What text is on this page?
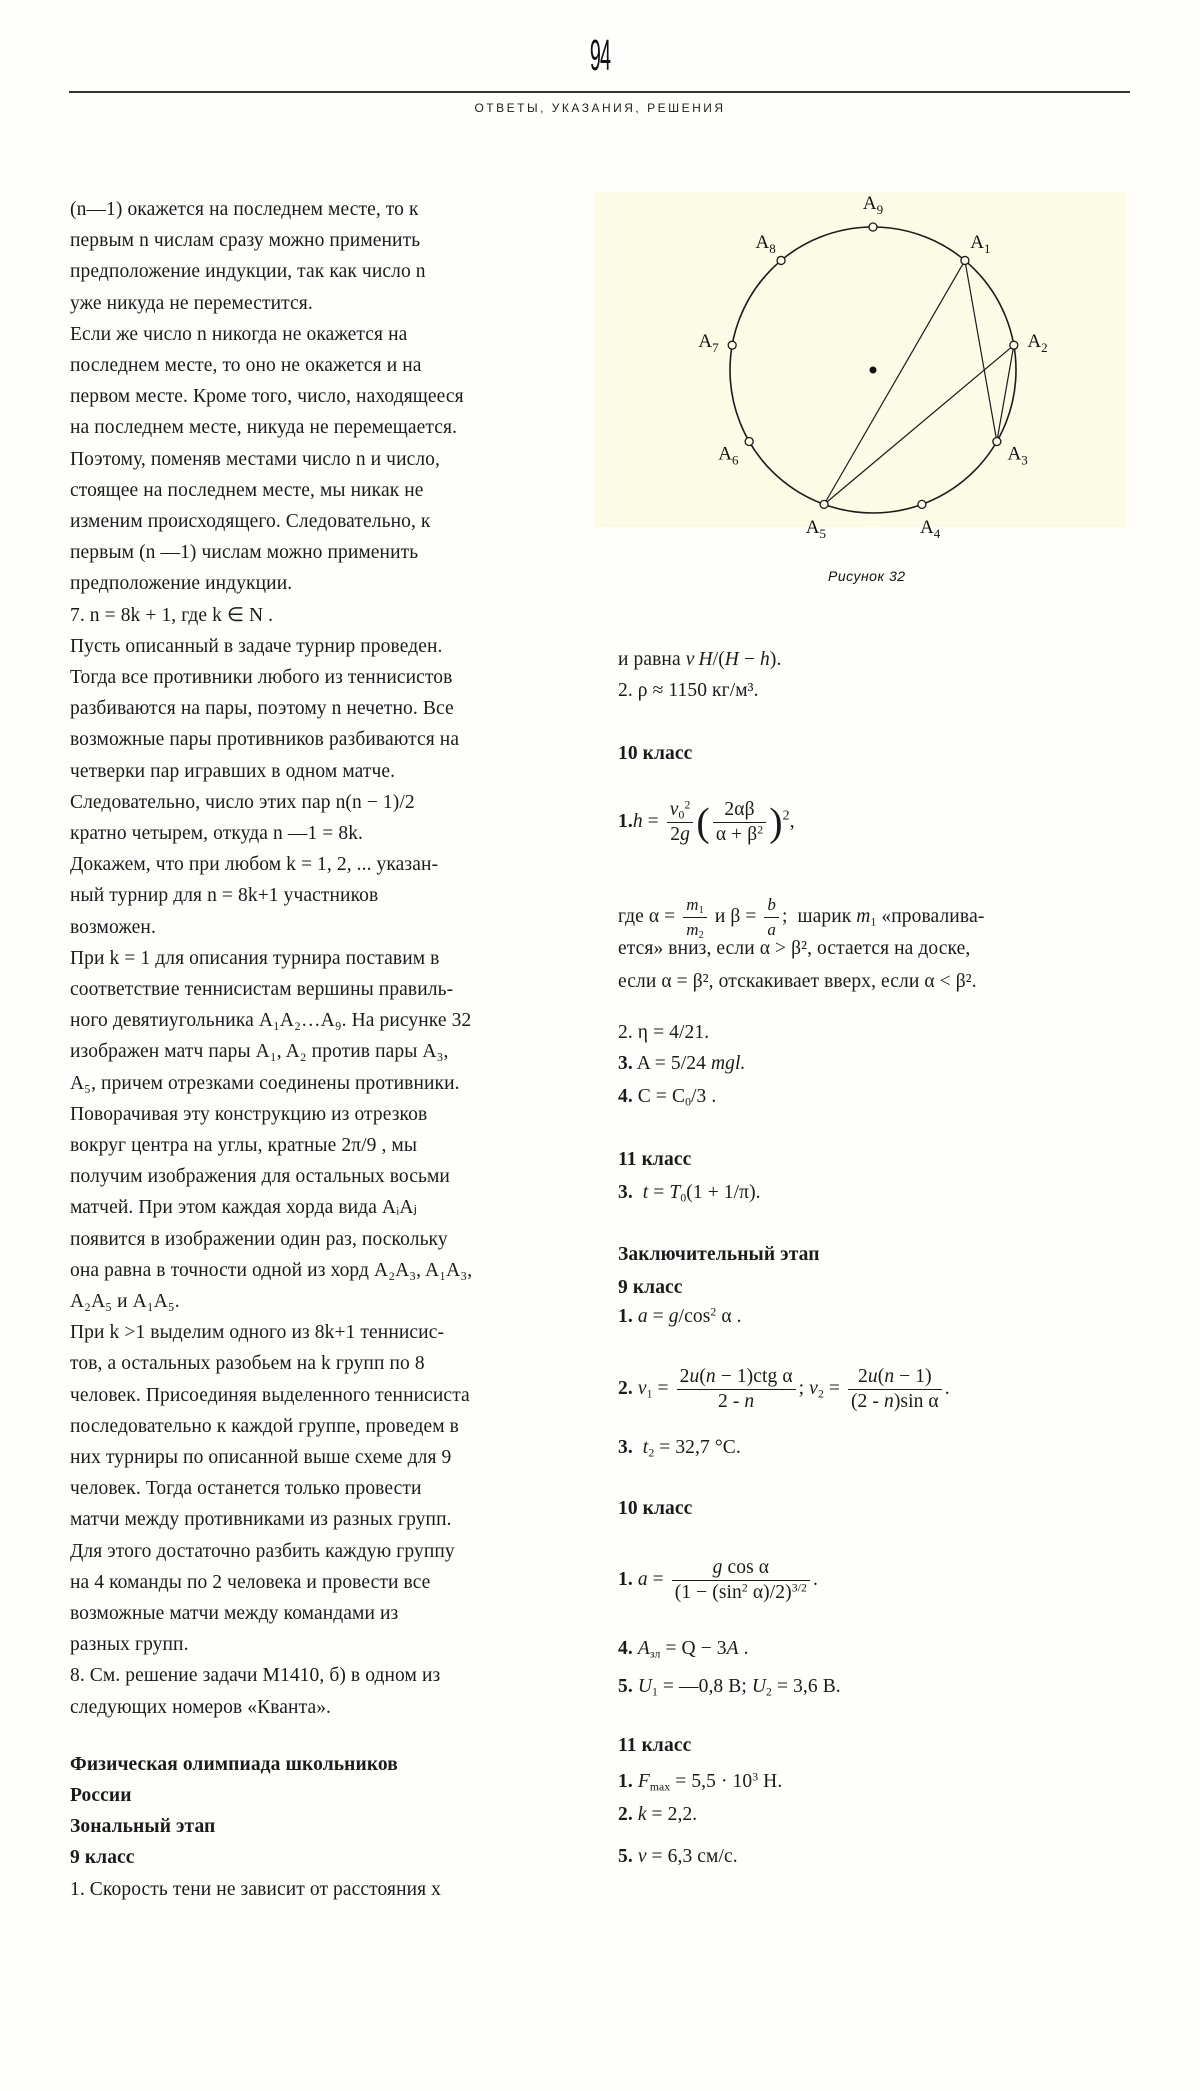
94
ОТВЕТЫ, УКАЗАНИЯ, РЕШЕНИЯ
(n—1) окажется на последнем месте, то к
первым n числам сразу можно применить
предположение индукции, так как число n
уже никуда не переместится.
Если же число n никогда не окажется на
последнем месте, то оно не окажется и на
первом месте. Кроме того, число, находящееся
на последнем месте, никуда не перемещается.
Поэтому, поменяв местами число n и число,
стоящее на последнем месте, мы никак не
изменим происходящего. Следовательно, к
первым (n —1) числам можно применить
предположение индукции.
7. n = 8k + 1, где k ∈ N .
Пусть описанный в задаче турнир проведен.
Тогда все противники любого из теннисистов
разбиваются на пары, поэтому n нечетно. Все
возможные пары противников разбиваются на
четверки пар игравших в одном матче.
Следовательно, число этих пар n(n − 1)/2
кратно четырем, откуда n —1 = 8k.
Докажем, что при любом k = 1, 2, ... указан-
ный турнир для n = 8k+1 участников
возможен.
При k = 1 для описания турнира поставим в
соответствие теннисистам вершины правиль-
ного девятиугольника A₁A₂…A₉. На рисунке 32
изображен матч пары A₁, A₂ против пары A₃,
A₅, причем отрезками соединены противники.
Поворачивая эту конструкцию из отрезков
вокруг центра на углы, кратные 2π/9 , мы
получим изображения для остальных восьми
матчей. При этом каждая хорда вида AᵢAⱼ
появится в изображении один раз, поскольку
она равна в точности одной из хорд A₂A₃, A₁A₃,
A₂A₅ и A₁A₅.
При k >1 выделим одного из 8k+1 теннисис-
тов, а остальных разобьем на k групп по 8
человек. Присоединяя выделенного теннисиста
последовательно к каждой группе, проведем в
них турниры по описанной выше схеме для 9
человек. Тогда останется только провести
матчи между противниками из разных групп.
Для этого достаточно разбить каждую группу
на 4 команды по 2 человека и провести все
возможные матчи между командами из
разных групп.
8. См. решение задачи М1410, б) в одном из
следующих номеров «Кванта».
Физическая олимпиада школьников
России
Зональный этап
9 класс
1. Скорость тени не зависит от расстояния x
$A_1$
$A_2$
$A_3$
$A_4$
$A_5$
$A_6$
$A_7$
$A_8$
$A_9$
Рисунок 32
и равна v  H/(H − h).
2. ρ ≈ 1150 кг/м³.
10 класс
$1.h = \frac{v_0^2}{2g}$ ( $\frac{2\alpha\beta}{\alpha + \beta^2} )^2$,
где $\alpha = \frac{m_1}{m_2}$ и $\beta = \frac{b}{a}$ ;  шарик $m_1$ «проваливa-
ется» вниз, если α > β², остается на доске,
если α = β², отскакивает вверх, если α < β².
2. η = 4/21.
3. A = 5/24 mgl.
4. $C = C_0/3$ .
11 класс
3. $t = T_0(1 + 1/\pi)$.
Заключительный этап
9 класс
1. $a = g/\cos^2$ α .
2. $v_1 = \frac{\text{2u(n − 1)ctg α}}{2 - n}$ ; $v_2 = \frac{2u(n - 1)}{\text{(2 - n)sin α}}$ .
3. $t_2 = 32,7$ °C.
10 класс
1. $a = \frac{\text{g cos α}}{(1 - (\sin^2 \alpha)/2)^{3/2}}$ .
4. $A_{зл} = Q - 3A$ .
5. $U_1$ = —0,8 В; $U_2 = 3,6$ В.
11 класс
1. $F_{max} = 5,5 \cdot 10^3$ Н.
2. k = 2,2.
5. v = 6,3 см/с.
